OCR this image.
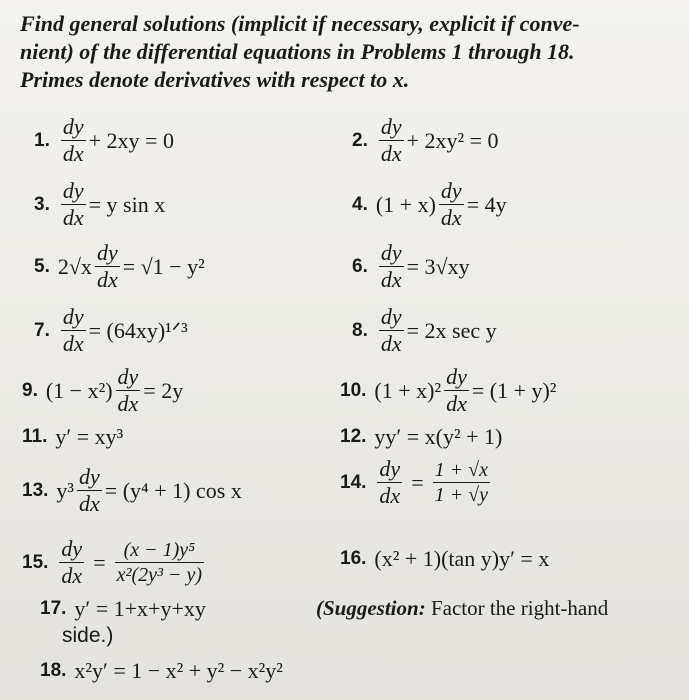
Find general solutions (implicit if necessary, explicit if conve-
nient) of the differential equations in Problems 1 through 18.
Primes denote derivatives with respect to x.
1. $\frac{dy}{dx} + 2xy = 0$	2. $\frac{dy}{dx} + 2xy^2 = 0$
3. $\frac{dy}{dx} = y$ sin x	4. $(1 + x) \frac{dy}{dx} = 4y$
5. $2√x \frac{dy}{dx} = √1 - y^2$	6. $\frac{dy}{dx} = 3√xy$
7. $\frac{dy}{dx}$ = (64xy)¹ᐟ³	8. $\frac{dy}{dx} = 2x$ sec y
9. $(1 - x^2) \frac{dy}{dx} = 2y$	10. $(1 + x)^2 \frac{dy}{dx} = (1 + y)^2$
11. y′ = xy³	12. yy′ = x(y² + 1)
13. $y^3 \frac{dy}{dx} = (y^4 + 1)$ cos x	14. $\frac{dy}{dx} = \frac{1 + √x}{1 + √y}$
15. $\frac{dy}{dx} = \frac{\text{(x − 1)y⁵}}{\text{x²(2y³ − y)}}$	16. (x² + 1)(tan y)y′ = x
17. y′ = 1+x+y+xy	(Suggestion: Factor the right-hand
side.)
18. x²y′ = 1 − x² + y² − x²y²
